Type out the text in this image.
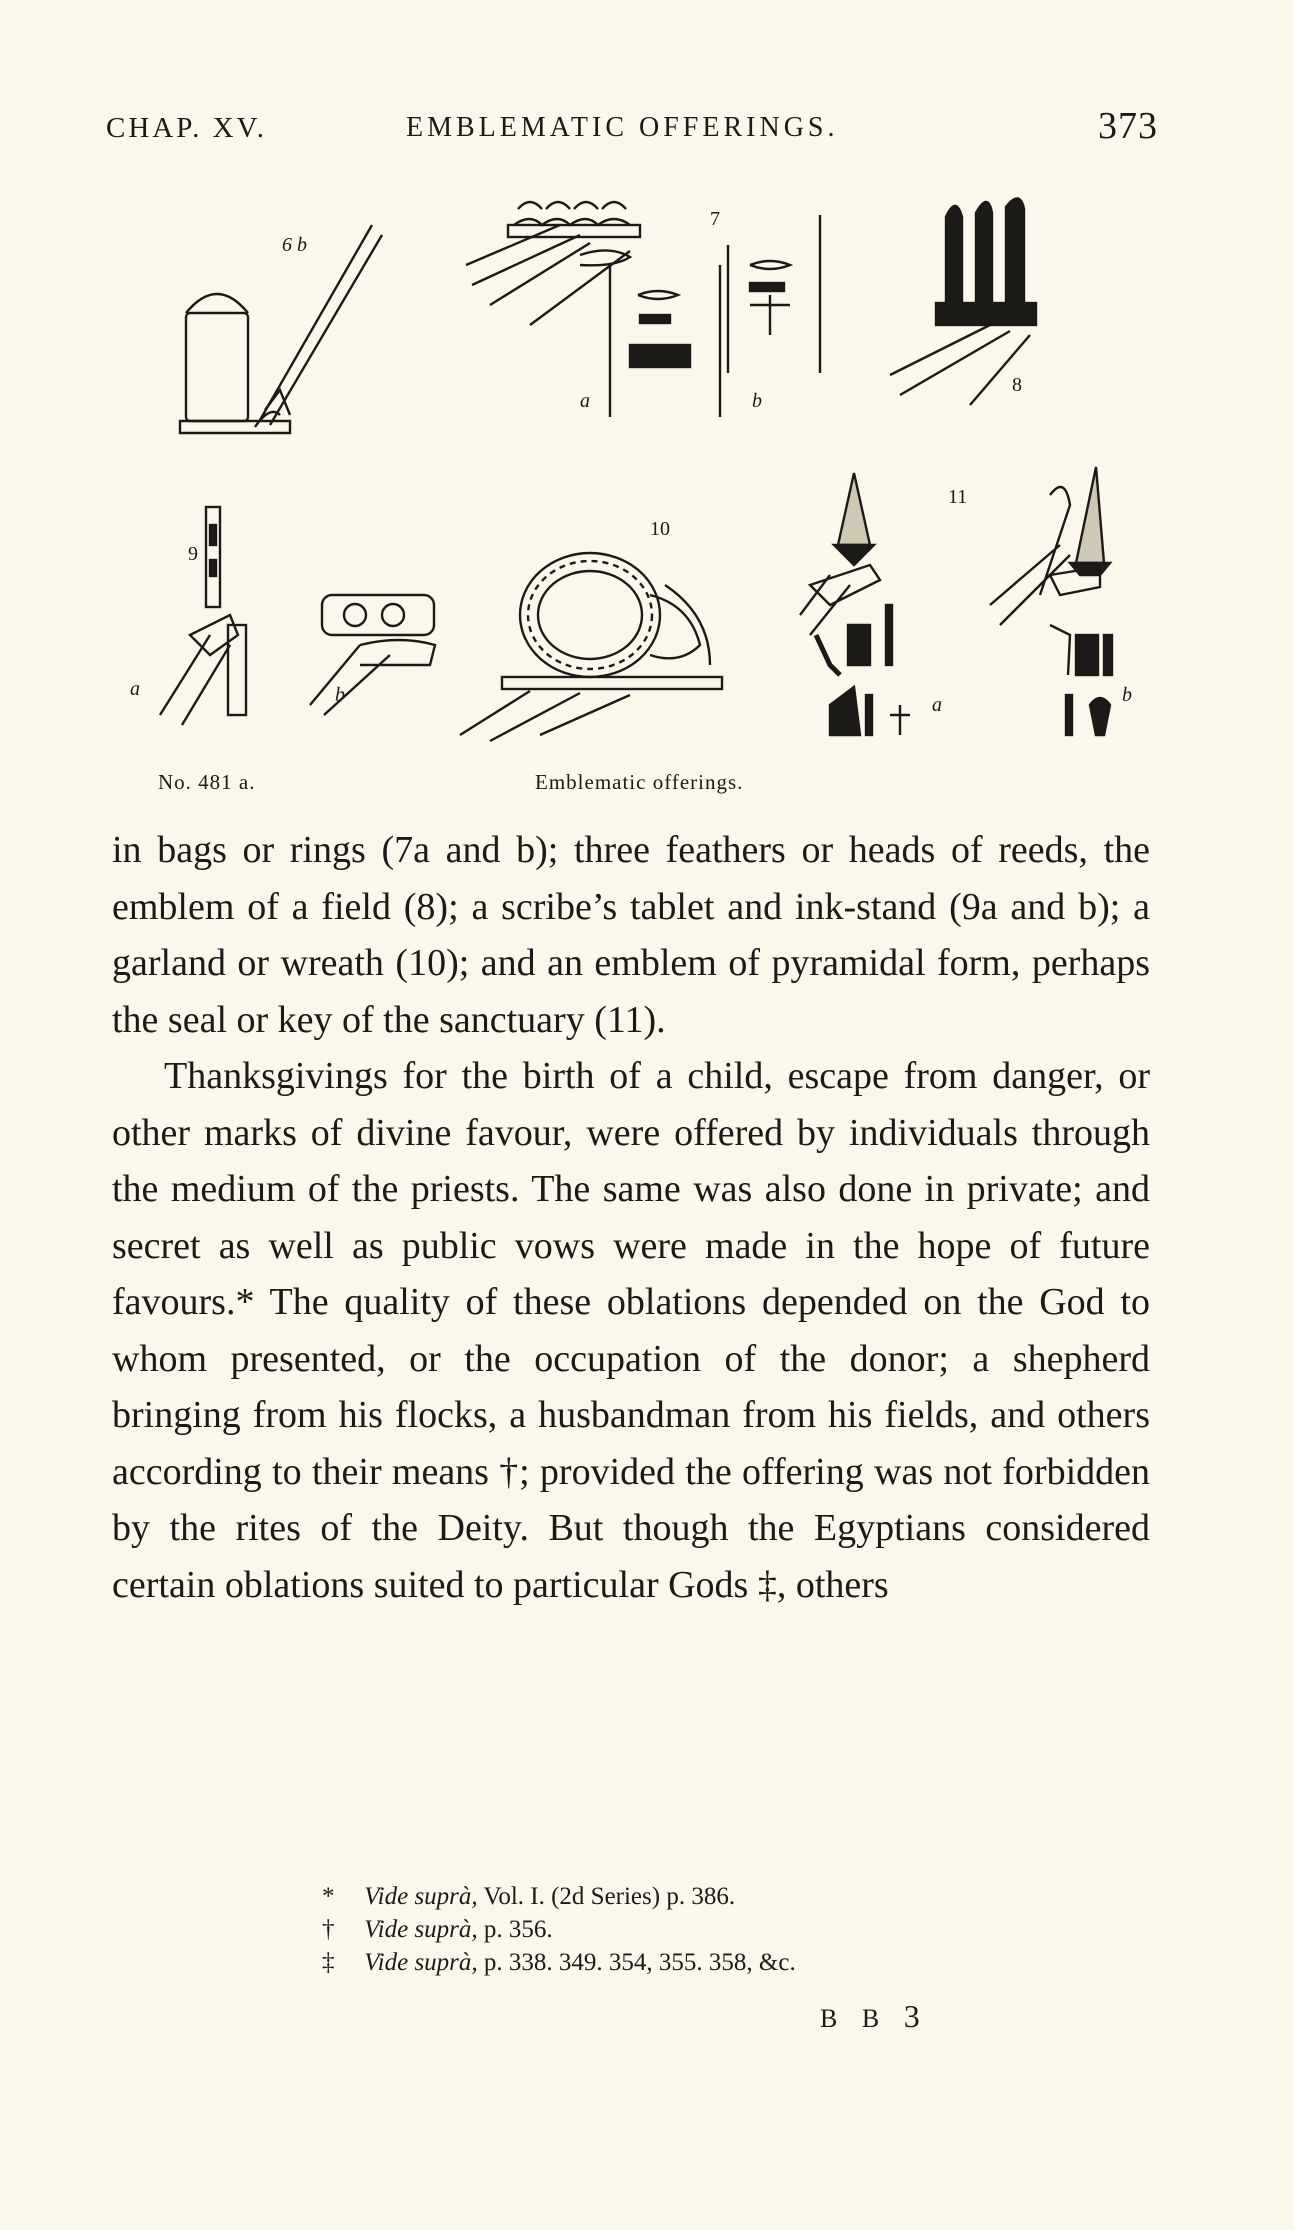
CHAP. XV.	EMBLEMATIC OFFERINGS.	373
6 b
7
a	b
8
9
a	b
10
11
a	b
No. 481 a.	Emblematic offerings.

in bags or rings (7a and b); three feathers or heads of reeds, the emblem of a field (8); a scribe’s tablet and ink-stand (9a and b); a garland or wreath (10); and an emblem of pyramidal form, perhaps the seal or key of the sanctuary (11).

Thanksgivings for the birth of a child, escape from danger, or other marks of divine favour, were offered by individuals through the medium of the priests. The same was also done in private; and secret as well as public vows were made in the hope of future favours.* The quality of these oblations depended on the God to whom presented, or the occupation of the donor; a shepherd bringing from his flocks, a husbandman from his fields, and others according to their means †; provided the offering was not forbidden by the rites of the Deity. But though the Egyptians considered certain oblations suited to particular Gods ‡, others

* Vide suprà, Vol. I. (2d Series) p. 386.
† Vide suprà, p. 356.
‡ Vide suprà, p. 338. 349. 354, 355. 358, &c.
B B 3
